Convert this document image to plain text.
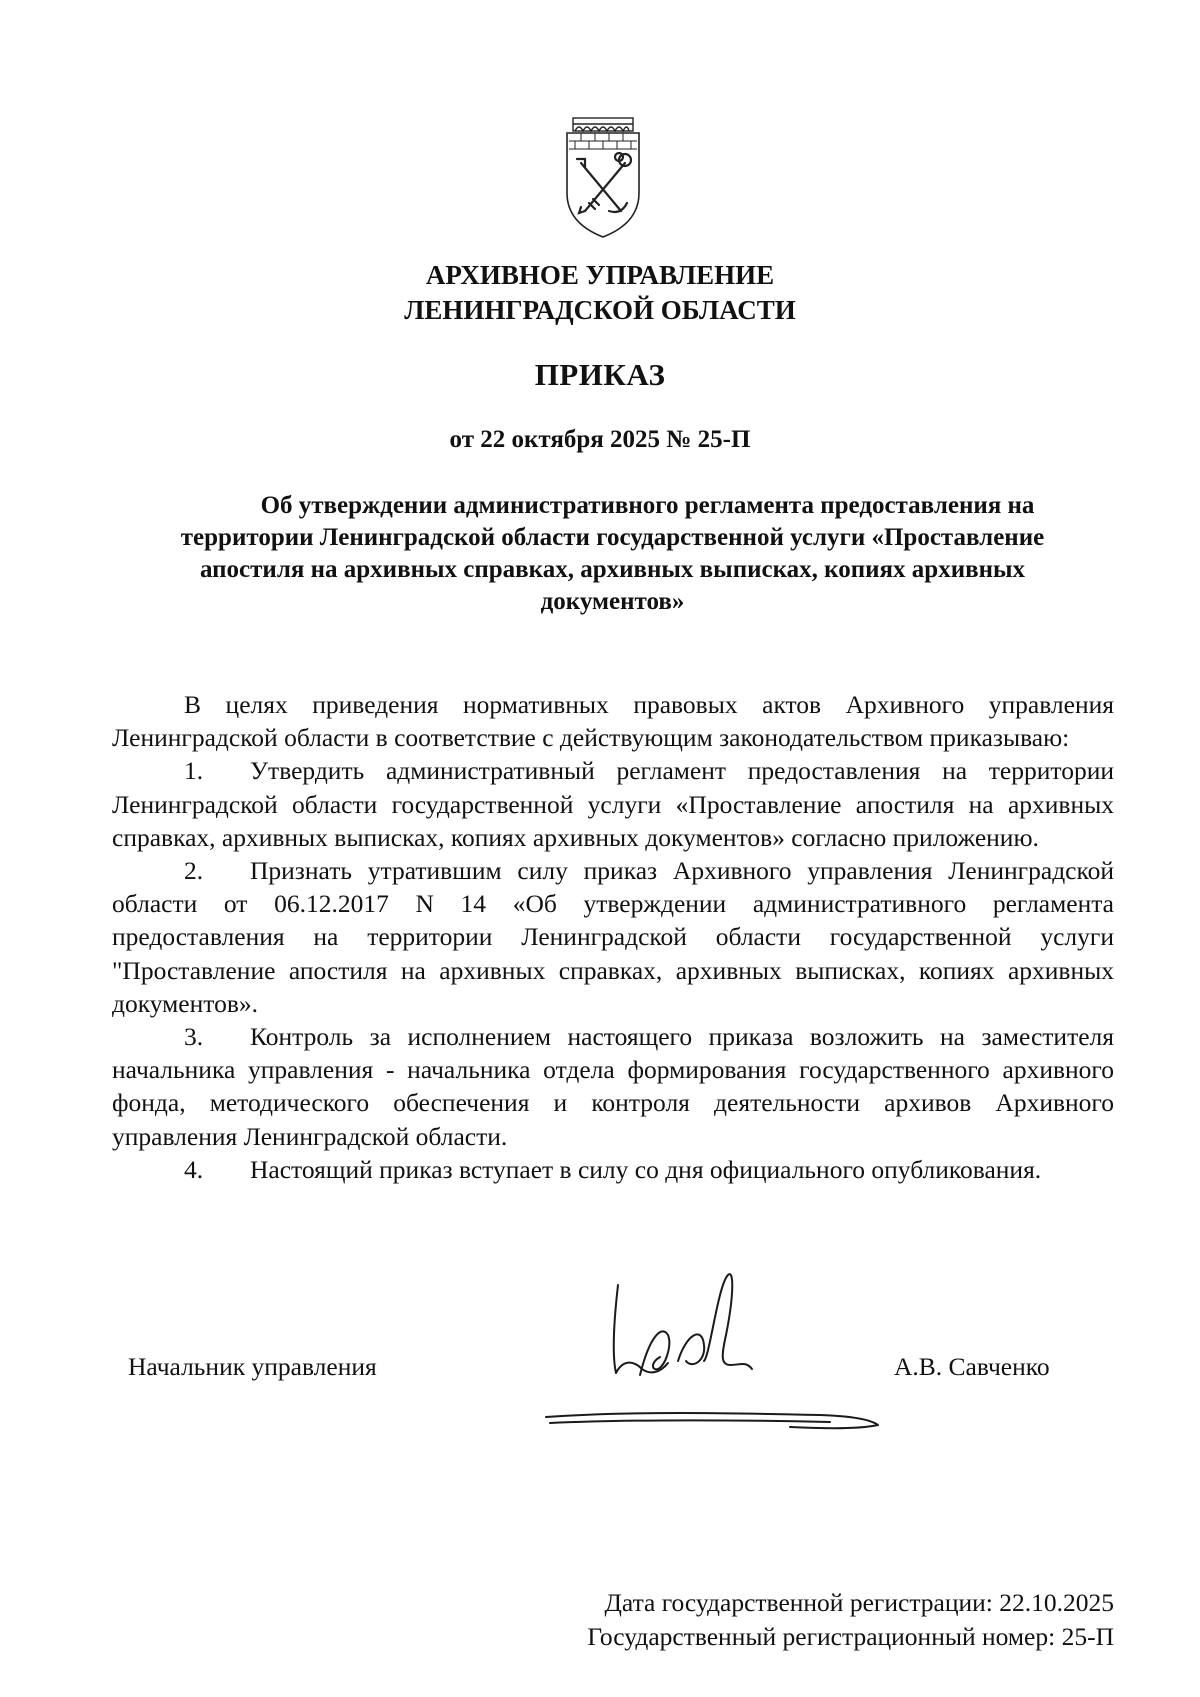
АРХИВНОЕ УПРАВЛЕНИЕ
ЛЕНИНГРАДСКОЙ ОБЛАСТИ
ПРИКАЗ
от 22 октября 2025 № 25-П
Об утверждении административного регламента предоставления на
территории Ленинградской области государственной услуги «Проставление
апостиля на архивных справках, архивных выписках, копиях архивных
документов»

В целях приведения нормативных правовых актов Архивного управления Ленинградской области в соответствие с действующим законодательством приказываю:

1. Утвердить административный регламент предоставления на территории Ленинградской области государственной услуги «Проставление апостиля на архивных справках, архивных выписках, копиях архивных документов» согласно приложению.

2. Признать утратившим силу приказ Архивного управления Ленинградской области от 06.12.2017 N 14 «Об утверждении административного регламента предоставления на территории Ленинградской области государственной услуги "Проставление апостиля на архивных справках, архивных выписках, копиях архивных документов».

3. Контроль за исполнением настоящего приказа возложить на заместителя начальника управления - начальника отдела формирования государственного архивного фонда, методического обеспечения и контроля деятельности архивов Архивного управления Ленинградской области.

4. Настоящий приказ вступает в силу со дня официального опубликования.

Начальник управления	А.В. Савченко
Дата государственной регистрации: 22.10.2025
Государственный регистрационный номер: 25-П
